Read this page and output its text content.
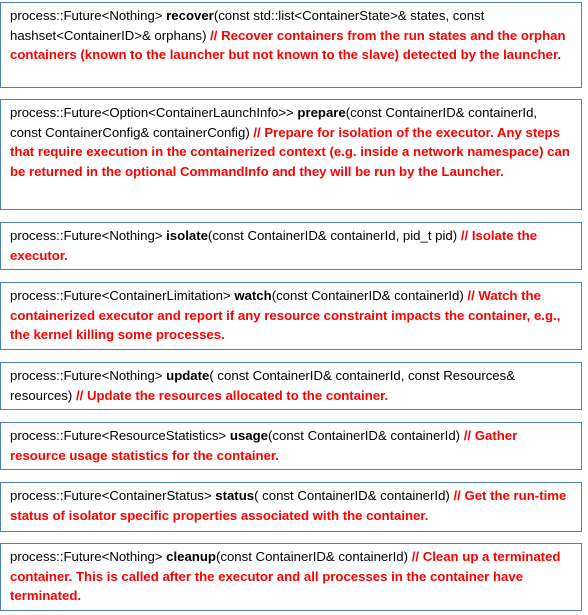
process::Future<Nothing> recover(const std::list<ContainerState>& states, const hashset<ContainerID>& orphans) // Recover containers from the run states and the orphan containers (known to the launcher but not known to the slave) detected by the launcher.
process::Future<Option<ContainerLaunchInfo>> prepare(const ContainerID& containerId, const ContainerConfig& containerConfig) // Prepare for isolation of the executor. Any steps that require execution in the containerized context (e.g. inside a network namespace) can be returned in the optional CommandInfo and they will be run by the Launcher.
process::Future<Nothing> isolate(const ContainerID& containerId, pid_t pid) // Isolate the executor.
process::Future<ContainerLimitation> watch(const ContainerID& containerId) // Watch the containerized executor and report if any resource constraint impacts the container, e.g., the kernel killing some processes.
process::Future<Nothing> update( const ContainerID& containerId, const Resources& resources) // Update the resources allocated to the container.
process::Future<ResourceStatistics> usage(const ContainerID& containerId) // Gather resource usage statistics for the container.
process::Future<ContainerStatus> status( const ContainerID& containerId) // Get the run-time status of isolator specific properties associated with the container.
process::Future<Nothing> cleanup(const ContainerID& containerId) // Clean up a terminated container. This is called after the executor and all processes in the container have terminated.
